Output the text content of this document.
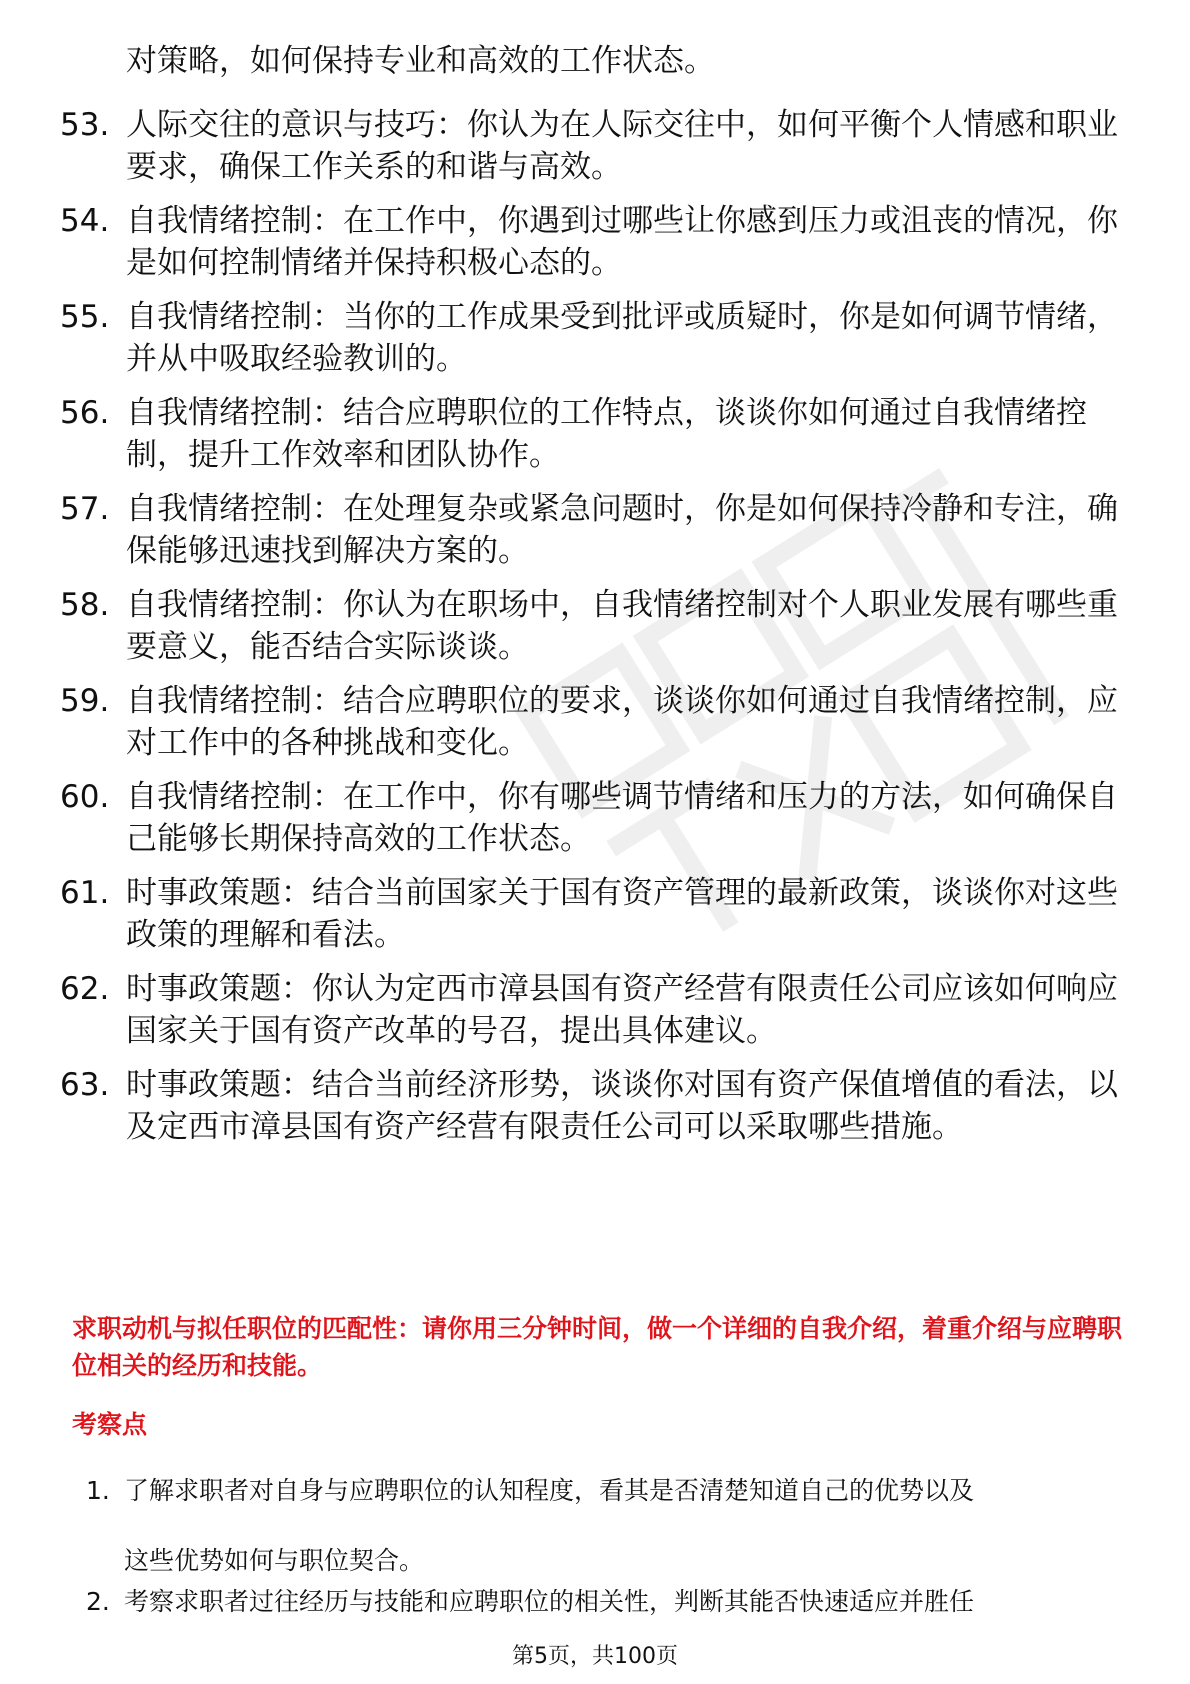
对策略，如何保持专业和高效的工作状态。
53. 人际交往的意识与技巧：你认为在人际交往中，如何平衡个人情感和职业要求，确保工作关系的和谐与高效。
54. 自我情绪控制：在工作中，你遇到过哪些让你感到压力或沮丧的情况，你是如何控制情绪并保持积极心态的。
55. 自我情绪控制：当你的工作成果受到批评或质疑时，你是如何调节情绪，并从中吸取经验教训的。
56. 自我情绪控制：结合应聘职位的工作特点，谈谈你如何通过自我情绪控制，提升工作效率和团队协作。
57. 自我情绪控制：在处理复杂或紧急问题时，你是如何保持冷静和专注，确保能够迅速找到解决方案的。
58. 自我情绪控制：你认为在职场中，自我情绪控制对个人职业发展有哪些重要意义，能否结合实际谈谈。
59. 自我情绪控制：结合应聘职位的要求，谈谈你如何通过自我情绪控制，应对工作中的各种挑战和变化。
60. 自我情绪控制：在工作中，你有哪些调节情绪和压力的方法，如何确保自己能够长期保持高效的工作状态。
61. 时事政策题：结合当前国家关于国有资产管理的最新政策，谈谈你对这些政策的理解和看法。
62. 时事政策题：你认为定西市漳县国有资产经营有限责任公司应该如何响应国家关于国有资产改革的号召，提出具体建议。
63. 时事政策题：结合当前经济形势，谈谈你对国有资产保值增值的看法，以及定西市漳县国有资产经营有限责任公司可以采取哪些措施。
求职动机与拟任职位的匹配性：请你用三分钟时间，做一个详细的自我介绍，着重介绍与应聘职位相关的经历和技能。
考察点
1. 了解求职者对自身与应聘职位的认知程度，看其是否清楚知道自己的优势以及
这些优势如何与职位契合。
2. 考察求职者过往经历与技能和应聘职位的相关性，判断其能否快速适应并胜任
第5页，共100页
